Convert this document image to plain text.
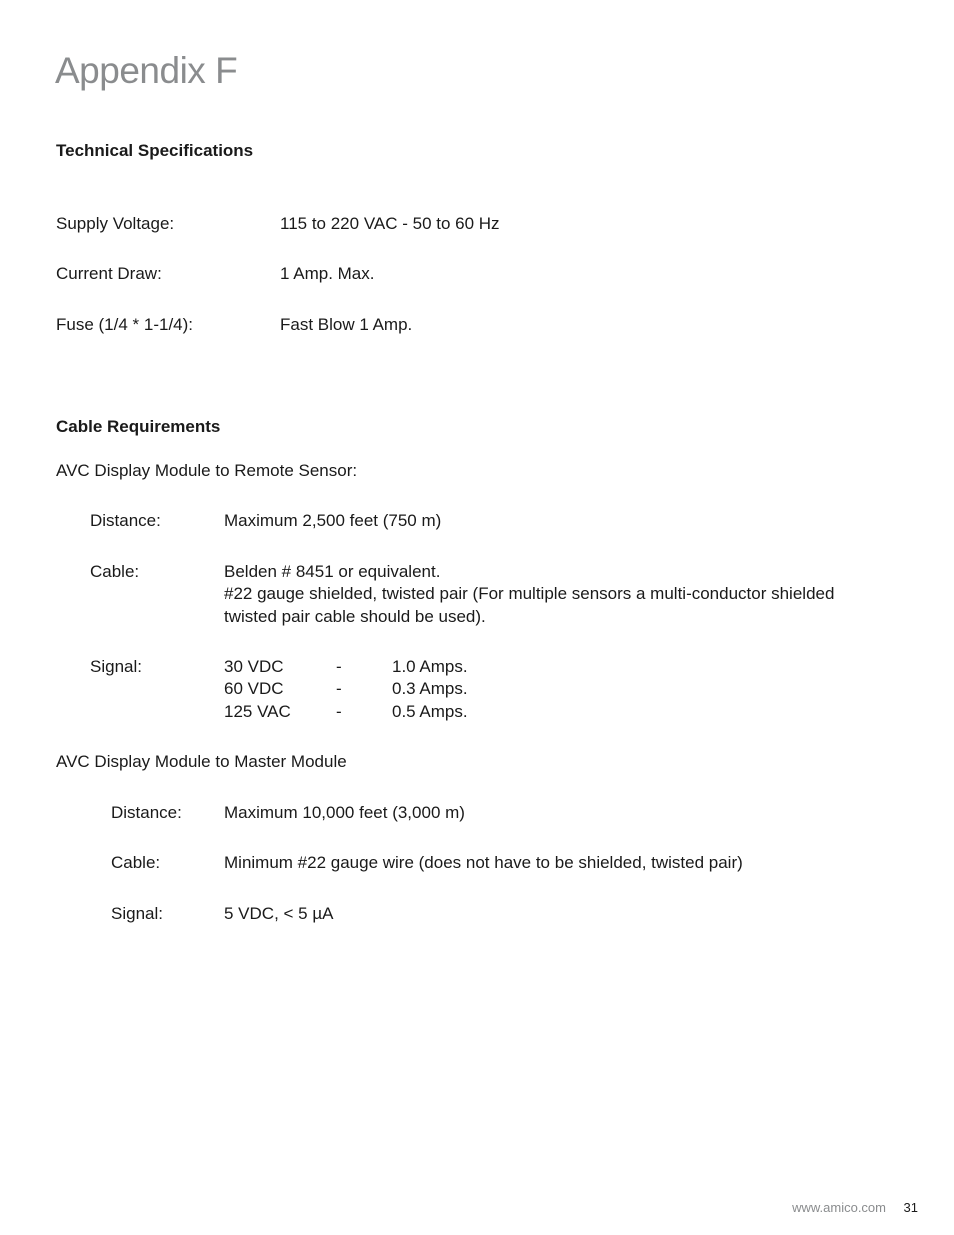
Appendix F
Technical Specifications
Supply Voltage:	115 to 220 VAC - 50 to 60 Hz
Current Draw:	1 Amp. Max.
Fuse (1/4 * 1-1/4):	Fast Blow 1 Amp.
Cable Requirements
AVC Display Module to Remote Sensor:
Distance:	Maximum 2,500 feet (750 m)
Cable:	Belden # 8451 or equivalent.
#22 gauge shielded, twisted pair (For multiple sensors a multi-conductor shielded
twisted pair cable should be used).
Signal:	30 VDC	-	1.0 Amps.
60 VDC	-	0.3 Amps.
125 VAC	-	0.5 Amps.
AVC Display Module to Master Module
Distance: Maximum 10,000 feet (3,000 m)
Cable:	Minimum #22 gauge wire (does not have to be shielded, twisted pair)
Signal:	5 VDC, < 5 µA
www.amico.com 31
